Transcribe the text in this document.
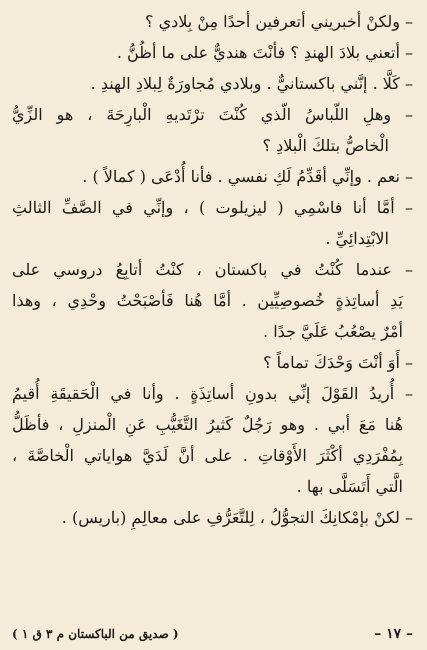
– ولكنْ أخبريني أتعرفين أحدًا مِنْ بِلادي ؟
– أتعني بلادَ الهندِ ؟ فأنْتَ هنديٌّ على ما أظُنُّ .
– كَلَّا . إنَّني باكستانيٌّ . وبلادي مُجاورَةٌ لِبلادِ الهندِ .
– وهلِ اللّباسُ الّذي كُنْتَ ترْتَديهِ الْبارِحَةَ ، هو الزِّيُّ
الْخاصُّ بتلكَ الْبلادِ ؟
– نعم . وإنِّي أقَدِّمُ لَكِ نفسي . فأنا أُدْعَى ( كمالاً ) .
– أمَّا أنا فاسْمِي ( ليزيلوت ) ، وإنِّي في الصَّفِّ الثالثِ
الابْتِدائِيِّ .
– عندما كُنْتُ في باكستان ، كنْتُ أتابِعُ دروسي على
يَدِ أساتِذةٍ خُصوصِيِّين . أمَّا هُنا فَأصْبَحْتُ وحْدِي ، وهذا
أمْرٌ يصْعُبُ عَلَيَّ جدًا .
– أَوَ أنْتَ وَحْدَكَ تماماً ؟
– أُريدُ القَوْلَ إنِّي بدونِ أساتِذَةٍ . وأنا في الْحَقيقَةِ أُقيمُ
هُنا مَعَ أبي . وهو رَجُلٌ كَثيرُ التَّغَيُّبِ عَنِ الْمنزلِ ، فأظَلُّ
بِمُفْرَدِي أكْثَرَ الأَوْقاتِ . على أنَّ لَدَيَّ هواياتي الْخاصَّةَ ،
الَّتي أَتَسَلَّى بها .
– لكنْ بإمْكانِكَ التجوُّلُ ، لِلتَّعَرُّفِ على معالِمِ (باريس) .
– ١٧ –
( صديق من الباكستان م ٣ ق ١ )
